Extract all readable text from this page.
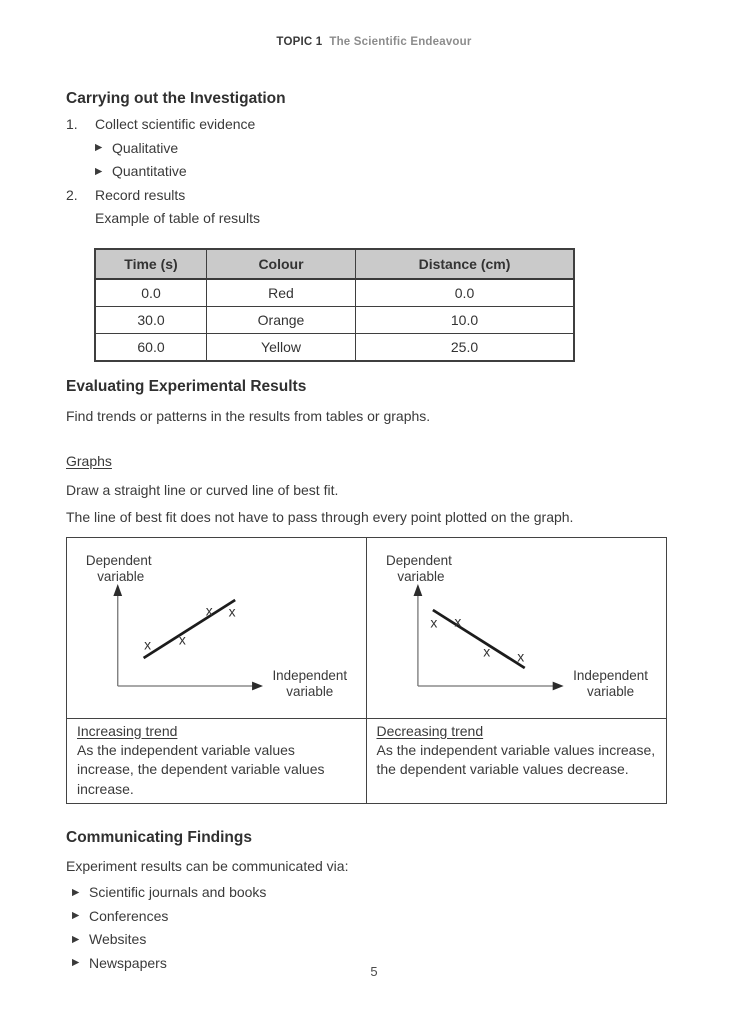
TOPIC 1 The Scientific Endeavour
Carrying out the Investigation
1.	Collect scientific evidence
▶ Qualitative
▶ Quantitative
2.	Record results
Example of table of results
Time (s)	Colour	Distance (cm)
0.0	Red	0.0
30.0	Orange	10.0
60.0	Yellow	25.0
Evaluating Experimental Results

Find trends or patterns in the results from tables or graphs.

Graphs

Draw a straight line or curved line of best fit.

The line of best fit does not have to pass through every point plotted on the graph.

Dependent
variable
Independent
variable
x x
x x
Dependent
variable
Independent
variable
x x
x x
Increasing trend
As the independent variable values increase, the dependent variable values increase.
Decreasing trend
As the independent variable values increase, the dependent variable values decrease.
Communicating Findings

Experiment results can be communicated via:

▶ Scientific journals and books
▶ Conferences
▶ Websites
▶ Newspapers
5
